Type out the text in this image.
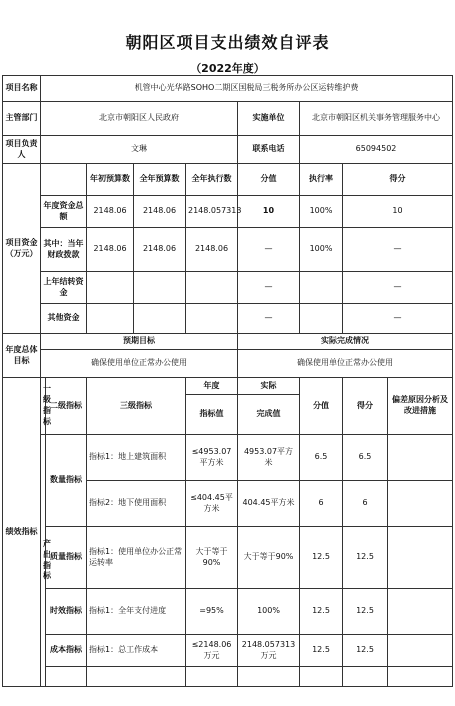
朝阳区项目支出绩效自评表
（2022年度）
项目名称	机管中心光华路SOHO二期区国税局三税务所办公区运转维护费								
主管部门	北京市朝阳区人民政府					实施单位	北京市朝阳区机关事务管理服务中心		
项目负责人	文琳					联系电话	65094502		
项目资金（万元）			年初预算数	全年预算数	全年执行数	分值	执行率	得分	
	年度资金总额		2148.06	2148.06	2148.057313	10	100%	10	
	其中：当年财政拨款		2148.06	2148.06	2148.06	—	100%	—	
	上年结转资金					—		—	
	其他资金					—		—	
年度总体目标	预期目标					实际完成情况			
	确保使用单位正常办公使用					确保使用单位正常办公使用			
绩效指标	一级指标	二级指标	三级指标		年度	实际	分值	得分	偏差原因分析及改进措施
					指标值	完成值			
	产出指标	数量指标	指标1：地上建筑面积		≤4953.07平方米	4953.07平方米	6.5	6.5	
			指标2：地下使用面积		≤404.45平方米	404.45平方米	6	6	
		质量指标	指标1：使用单位办公正常运转率		大于等于90%	大于等于90%	12.5	12.5	
		时效指标	指标1：全年支付进度		=95%	100%	12.5	12.5	
		成本指标	指标1：总工作成本		≤2148.06万元	2148.057313万元	12.5	12.5	
